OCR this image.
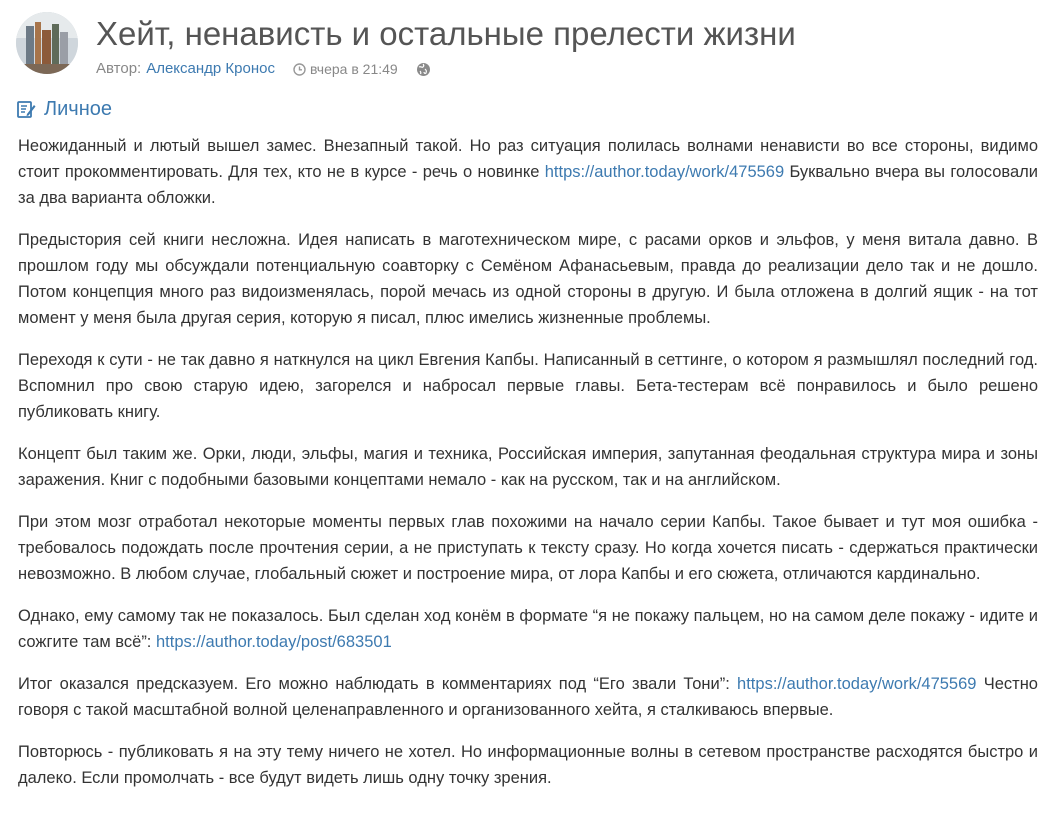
Хейт, ненависть и остальные прелести жизни
Автор: Александр Кронос	вчера в 21:49
Личное

Неожиданный и лютый вышел замес. Внезапный такой. Но раз ситуация полилась волнами ненависти во все стороны, видимо стоит прокомментировать. Для тех, кто не в курсе - речь о новинке https://author.today/work/475569 Буквально вчера вы голосовали за два варианта обложки.

Предыстория сей книги несложна. Идея написать в маготехническом мире, с расами орков и эльфов, у меня витала давно. В прошлом году мы обсуждали потенциальную соавторку с Семёном Афанасьевым, правда до реализации дело так и не дошло. Потом концепция много раз видоизменялась, порой мечась из одной стороны в другую. И была отложена в долгий ящик - на тот момент у меня была другая серия, которую я писал, плюс имелись жизненные проблемы.

Переходя к сути - не так давно я наткнулся на цикл Евгения Капбы. Написанный в сеттинге, о котором я размышлял последний год. Вспомнил про свою старую идею, загорелся и набросал первые главы. Бета-тестерам всё понравилось и было решено публиковать книгу.

Концепт был таким же. Орки, люди, эльфы, магия и техника, Российская империя, запутанная феодальная структура мира и зоны заражения. Книг с подобными базовыми концептами немало - как на русском, так и на английском.

При этом мозг отработал некоторые моменты первых глав похожими на начало серии Капбы. Такое бывает и тут моя ошибка - требовалось подождать после прочтения серии, а не приступать к тексту сразу. Но когда хочется писать - сдержаться практически невозможно. В любом случае, глобальный сюжет и построение мира, от лора Капбы и его сюжета, отличаются кардинально.

Однако, ему самому так не показалось. Был сделан ход конём в формате “я не покажу пальцем, но на самом деле покажу - идите и сожгите там всё”: https://author.today/post/683501

Итог оказался предсказуем. Его можно наблюдать в комментариях под “Его звали Тони”: https://author.today/work/475569 Честно говоря с такой масштабной волной целенаправленного и организованного хейта, я сталкиваюсь впервые.

Повторюсь - публиковать я на эту тему ничего не хотел. Но информационные волны в сетевом пространстве расходятся быстро и далеко. Если промолчать - все будут видеть лишь одну точку зрения.
